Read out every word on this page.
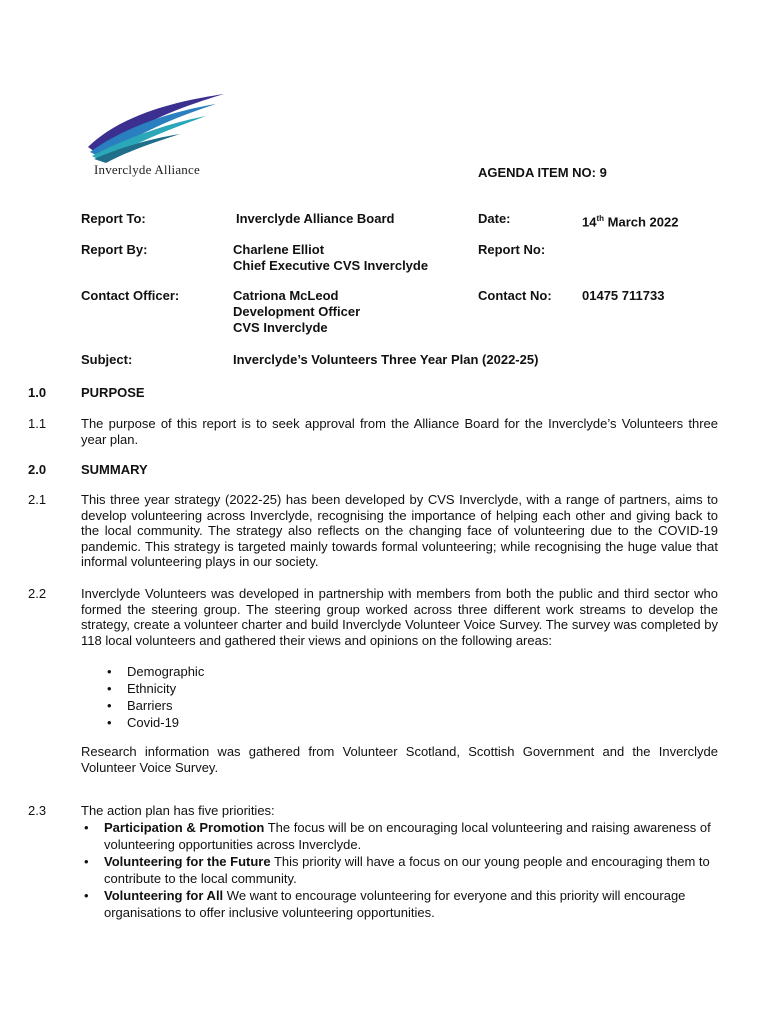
Inverclyde Alliance	AGENDA ITEM NO: 9
Report To:	Inverclyde Alliance Board	Date:	14th March 2022
Report By:	Charlene Elliot
Chief Executive CVS Inverclyde
Report No:
Contact Officer:	Catriona McLeod
Development Officer
CVS Inverclyde
Contact No: 01475 711733
Subject:	Inverclyde’s Volunteers Three Year Plan (2022-25)
1.0	PURPOSE
1.1	The purpose of this report is to seek approval from the Alliance Board for the Inverclyde’s Volunteers three year plan.
2.0	SUMMARY
2.1	This three year strategy (2022-25) has been developed by CVS Inverclyde, with a range of partners, aims to develop volunteering across Inverclyde, recognising the importance of helping each other and giving back to the local community. The strategy also reflects on the changing face of volunteering due to the COVID-19 pandemic. This strategy is targeted mainly towards formal volunteering; while recognising the huge value that informal volunteering plays in our society.
2.2	Inverclyde Volunteers was developed in partnership with members from both the public and third sector who formed the steering group. The steering group worked across three different work streams to develop the strategy, create a volunteer charter and build Inverclyde Volunteer Voice Survey. The survey was completed by 118 local volunteers and gathered their views and opinions on the following areas:
• Demographic
• Ethnicity
• Barriers
• Covid-19
Research information was gathered from Volunteer Scotland, Scottish Government and the Inverclyde Volunteer Voice Survey.
2.3	The action plan has five priorities:
• Participation & Promotion The focus will be on encouraging local volunteering and raising awareness of volunteering opportunities across Inverclyde.
• Volunteering for the Future This priority will have a focus on our young people and encouraging them to contribute to the local community.
• Volunteering for All We want to encourage volunteering for everyone and this priority will encourage organisations to offer inclusive volunteering opportunities.
